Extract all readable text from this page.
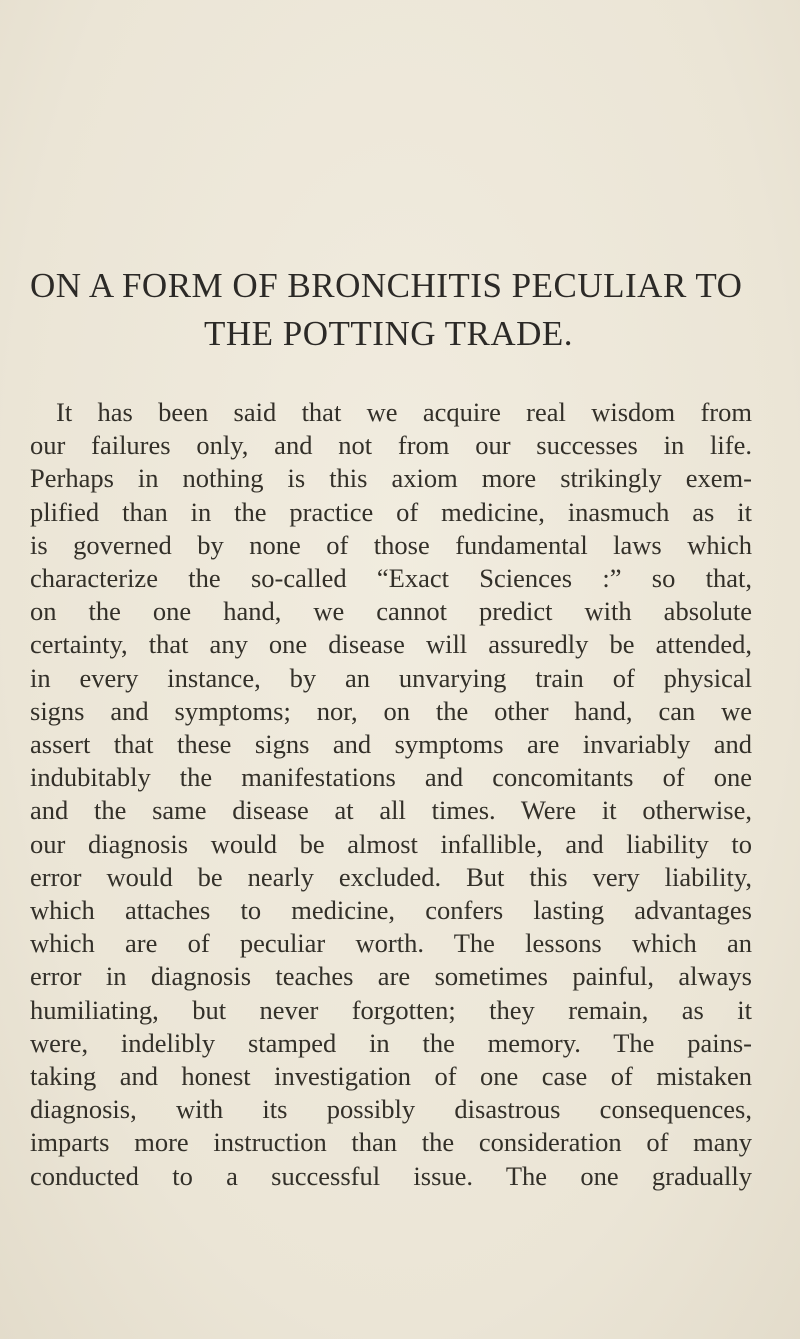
ON A FORM OF BRONCHITIS PECULIAR TO
THE POTTING TRADE.
It has been said that we acquire real wisdom from
our failures only, and not from our successes in life.
Perhaps in nothing is this axiom more strikingly exem-
plified than in the practice of medicine, inasmuch as it
is governed by none of those fundamental laws which
characterize the so-called “Exact Sciences :” so that,
on the one hand, we cannot predict with absolute
certainty, that any one disease will assuredly be attended,
in every instance, by an unvarying train of physical
signs and symptoms; nor, on the other hand, can we
assert that these signs and symptoms are invariably and
indubitably the manifestations and concomitants of one
and the same disease at all times. Were it otherwise,
our diagnosis would be almost infallible, and liability to
error would be nearly excluded. But this very liability,
which attaches to medicine, confers lasting advantages
which are of peculiar worth. The lessons which an
error in diagnosis teaches are sometimes painful, always
humiliating, but never forgotten; they remain, as it
were, indelibly stamped in the memory. The pains-
taking and honest investigation of one case of mistaken
diagnosis, with its possibly disastrous consequences,
imparts more instruction than the consideration of many
conducted to a successful issue. The one gradually
